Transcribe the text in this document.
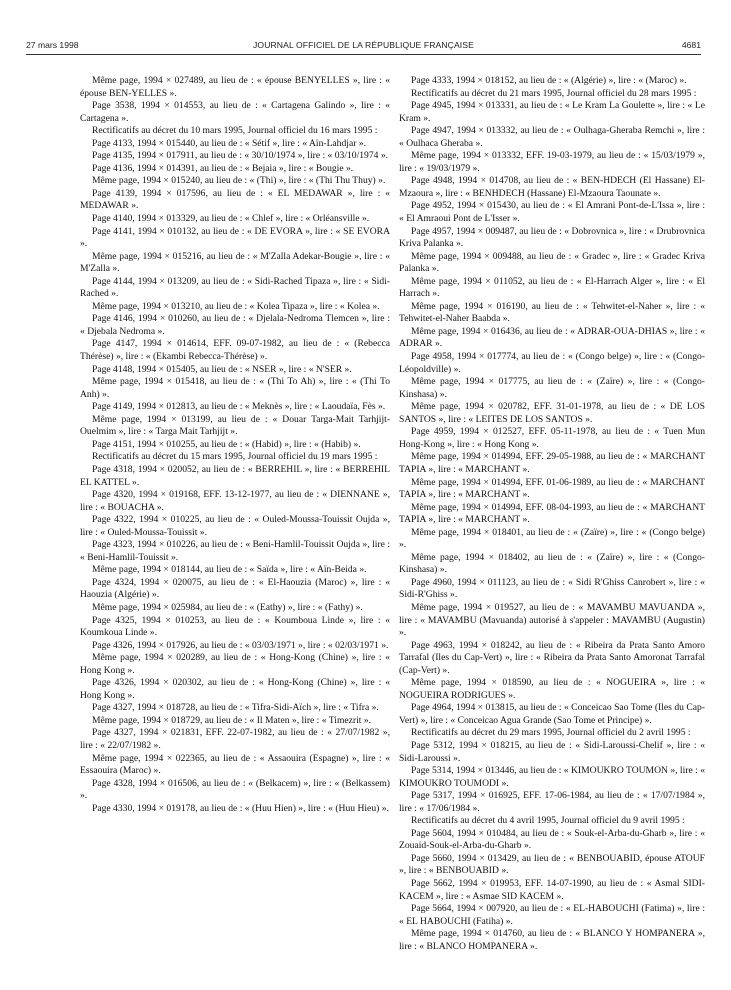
27 mars 1998	JOURNAL OFFICIEL DE LA RÉPUBLIQUE FRANÇAISE	4681

Même page, 1994 × 027489, au lieu de : « épouse BENYELLES », lire : « épouse BEN-YELLES ».

Page 3538, 1994 × 014553, au lieu de : « Cartagena Galindo », lire : « Cartagena ».

Rectificatifs au décret du 10 mars 1995, Journal officiel du 16 mars 1995 :

Page 4133, 1994 × 015440, au lieu de : « Sétif », lire : « Aïn-Lahdjar ».

Page 4135, 1994 × 017911, au lieu de : « 30/10/1974 », lire : « 03/10/1974 ».

Page 4136, 1994 × 014391, au lieu de : « Bejaia », lire : « Bougie ».

Même page, 1994 × 015240, au lieu de : « (Thi) », lire : « (Thi Thu Thuy) ».

Page 4139, 1994 × 017596, au lieu de : « EL MEDAWAR », lire : « MEDAWAR ».

Page 4140, 1994 × 013329, au lieu de : « Chlef », lire : « Orléansville ».

Page 4141, 1994 × 010132, au lieu de : « DE EVORA », lire : « SE EVORA ».

Même page, 1994 × 015216, au lieu de : « M'Zalla Adekar-Bougie », lire : « M'Zalla ».

Page 4144, 1994 × 013209, au lieu de : « Sidi-Rached Tipaza », lire : « Sidi-Rached ».

Même page, 1994 × 013210, au lieu de : « Kolea Tipaza », lire : « Kolea ».

Page 4146, 1994 × 010260, au lieu de : « Djelala-Nedroma Tlemcen », lire : « Djebala Nedroma ».

Page 4147, 1994 × 014614, EFF. 09-07-1982, au lieu de : « (Rebecca Thérèse) », lire : « (Ekambi Rebecca-Thérèse) ».

Page 4148, 1994 × 015405, au lieu de : « NSER », lire : « N'SER ».

Même page, 1994 × 015418, au lieu de : « (Thi To Ah) », lire : « (Thi To Anh) ».

Page 4149, 1994 × 012813, au lieu de : « Meknès », lire : « Laoudaïa, Fès ».

Même page, 1994 × 013199, au lieu de : « Douar Targa-Mait Tarhjijt-Ouelmim », lire : « Targa Mait Tarhjijt ».

Page 4151, 1994 × 010255, au lieu de : « (Habid) », lire : « (Habib) ».

Rectificatifs au décret du 15 mars 1995, Journal officiel du 19 mars 1995 :

Page 4318, 1994 × 020052, au lieu de : « BERREHIL », lire : « BERREHIL EL KATTEL ».

Page 4320, 1994 × 019168, EFF. 13-12-1977, au lieu de : « DIENNANE », lire : « BOUACHA ».

Page 4322, 1994 × 010225, au lieu de : « Ouled-Moussa-Touissit Oujda », lire : « Ouled-Moussa-Touissit ».

Page 4323, 1994 × 010226, au lieu de : « Beni-Hamlil-Touissit Oujda », lire : « Beni-Hamlil-Touissit ».

Même page, 1994 × 018144, au lieu de : « Saïda », lire : « Aïn-Beida ».

Page 4324, 1994 × 020075, au lieu de : « El-Haouzia (Maroc) », lire : « Haouzia (Algérie) ».

Même page, 1994 × 025984, au lieu de : « (Eathy) », lire : « (Fathy) ».

Page 4325, 1994 × 010253, au lieu de : « Koumboua Linde », lire : « Koumkoua Linde ».

Page 4326, 1994 × 017926, au lieu de : « 03/03/1971 », lire : « 02/03/1971 ».

Même page, 1994 × 020289, au lieu de : « Hong-Kong (Chine) », lire : « Hong Kong ».

Page 4326, 1994 × 020302, au lieu de : « Hong-Kong (Chine) », lire : « Hong Kong ».

Page 4327, 1994 × 018728, au lieu de : « Tifra-Sidi-Aïch », lire : « Tifra ».

Même page, 1994 × 018729, au lieu de : « Il Maten », lire : « Timezrit ».

Page 4327, 1994 × 021831, EFF. 22-07-1982, au lieu de : « 27/07/1982 », lire : « 22/07/1982 ».

Même page, 1994 × 022365, au lieu de : « Assaouira (Espagne) », lire : « Essaouira (Maroc) ».

Page 4328, 1994 × 016506, au lieu de : « (Belkacem) », lire : « (Belkassem) ».

Page 4330, 1994 × 019178, au lieu de : « (Huu Hien) », lire : « (Huu Hieu) ».

Page 4333, 1994 × 018152, au lieu de : « (Algérie) », lire : « (Maroc) ».

Rectificatifs au décret du 21 mars 1995, Journal officiel du 28 mars 1995 :

Page 4945, 1994 × 013331, au lieu de : « Le Kram La Goulette », lire : « Le Kram ».

Page 4947, 1994 × 013332, au lieu de : « Oulhaga-Gheraba Remchi », lire : « Oulhaca Gheraba ».

Même page, 1994 × 013332, EFF. 19-03-1979, au lieu de : « 15/03/1979 », lire : « 19/03/1979 ».

Page 4948, 1994 × 014708, au lieu de : « BEN-HDECH (El Hassane) El-Mzaoura », lire : « BENHDECH (Hassane) El-Mzaoura Taounate ».

Page 4952, 1994 × 015430, au lieu de : « El Amrani Pont-de-L'Issa », lire : « El Amraoui Pont de L'Isser ».

Page 4957, 1994 × 009487, au lieu de : « Dobrovnica », lire : « Drubrovnica Kriva Palanka ».

Même page, 1994 × 009488, au lieu de : « Gradec », lire : « Gradec Kriva Palanka ».

Même page, 1994 × 011052, au lieu de : « El-Harrach Alger », lire : « El Harrach ».

Même page, 1994 × 016190, au lieu de : « Tehwitet-el-Naher », lire : « Tehwitet-el-Naher Baabda ».

Même page, 1994 × 016436, au lieu de : « ADRAR-OUA-DHIAS », lire : « ADRAR ».

Page 4958, 1994 × 017774, au lieu de : « (Congo belge) », lire : « (Congo-Léopoldville) ».

Même page, 1994 × 017775, au lieu de : « (Zaïre) », lire : « (Congo-Kinshasa) ».

Même page, 1994 × 020782, EFF. 31-01-1978, au lieu de : « DE LOS SANTOS », lire : « LEITES DE LOS SANTOS ».

Page 4959, 1994 × 012527, EFF. 05-11-1978, au lieu de : « Tuen Mun Hong-Kong », lire : « Hong Kong ».

Même page, 1994 × 014994, EFF. 29-05-1988, au lieu de : « MARCHANT TAPIA », lire : « MARCHANT ».

Même page, 1994 × 014994, EFF. 01-06-1989, au lieu de : « MARCHANT TAPIA », lire : « MARCHANT ».

Même page, 1994 × 014994, EFF. 08-04-1993, au lieu de : « MARCHANT TAPIA », lire : « MARCHANT ».

Même page, 1994 × 018401, au lieu de : « (Zaïre) », lire : « (Congo belge) ».

Même page, 1994 × 018402, au lieu de : « (Zaïre) », lire : « (Congo-Kinshasa) ».

Page 4960, 1994 × 011123, au lieu de : « Sidi R'Ghiss Canrobert », lire : « Sidi-R'Ghiss ».

Même page, 1994 × 019527, au lieu de : « MAVAMBU MAVUANDA », lire : « MAVAMBU (Mavuanda) autorisé à s'appeler : MAVAMBU (Augustin) ».

Page 4963, 1994 × 018242, au lieu de : « Ribeira da Prata Santo Amoro Tarrafal (Iles du Cap-Vert) », lire : « Ribeira da Prata Santo Amoronat Tarrafal (Cap-Vert) ».

Même page, 1994 × 018590, au lieu de : « NOGUEIRA », lire : « NOGUEIRA RODRIGUES ».

Page 4964, 1994 × 013815, au lieu de : « Conceicao Sao Tome (Iles du Cap-Vert) », lire : « Conceicao Agua Grande (Sao Tome et Principe) ».

Rectificatifs au décret du 29 mars 1995, Journal officiel du 2 avril 1995 :

Page 5312, 1994 × 018215, au lieu de : « Sidi-Laroussi-Chelif », lire : « Sidi-Laroussi ».

Page 5314, 1994 × 013446, au lieu de : « KIMOUKRO TOUMON », lire : « KIMOUKRO TOUMODI ».

Page 5317, 1994 × 016925, EFF. 17-06-1984, au lieu de : « 17/07/1984 », lire : « 17/06/1984 ».

Rectificatifs au décret du 4 avril 1995, Journal officiel du 9 avril 1995 :

Page 5604, 1994 × 010484, au lieu de : « Souk-el-Arba-du-Gharb », lire : « Zouaid-Souk-el-Arba-du-Gharb ».

Page 5660, 1994 × 013429, au lieu de : « BENBOUABID, épouse ATOUF », lire : « BENBOUABID ».

Page 5662, 1994 × 019953, EFF. 14-07-1990, au lieu de : « Asmal SIDI-KACEM », lire : « Asmae SID KACEM ».

Page 5664, 1994 × 007920, au lieu de : « EL-HABOUCHI (Fatima) », lire : « EL HABOUCHI (Fatiha) ».

Même page, 1994 × 014760, au lieu de : « BLANCO Y HOMPANERA », lire : « BLANCO HOMPANERA ».
